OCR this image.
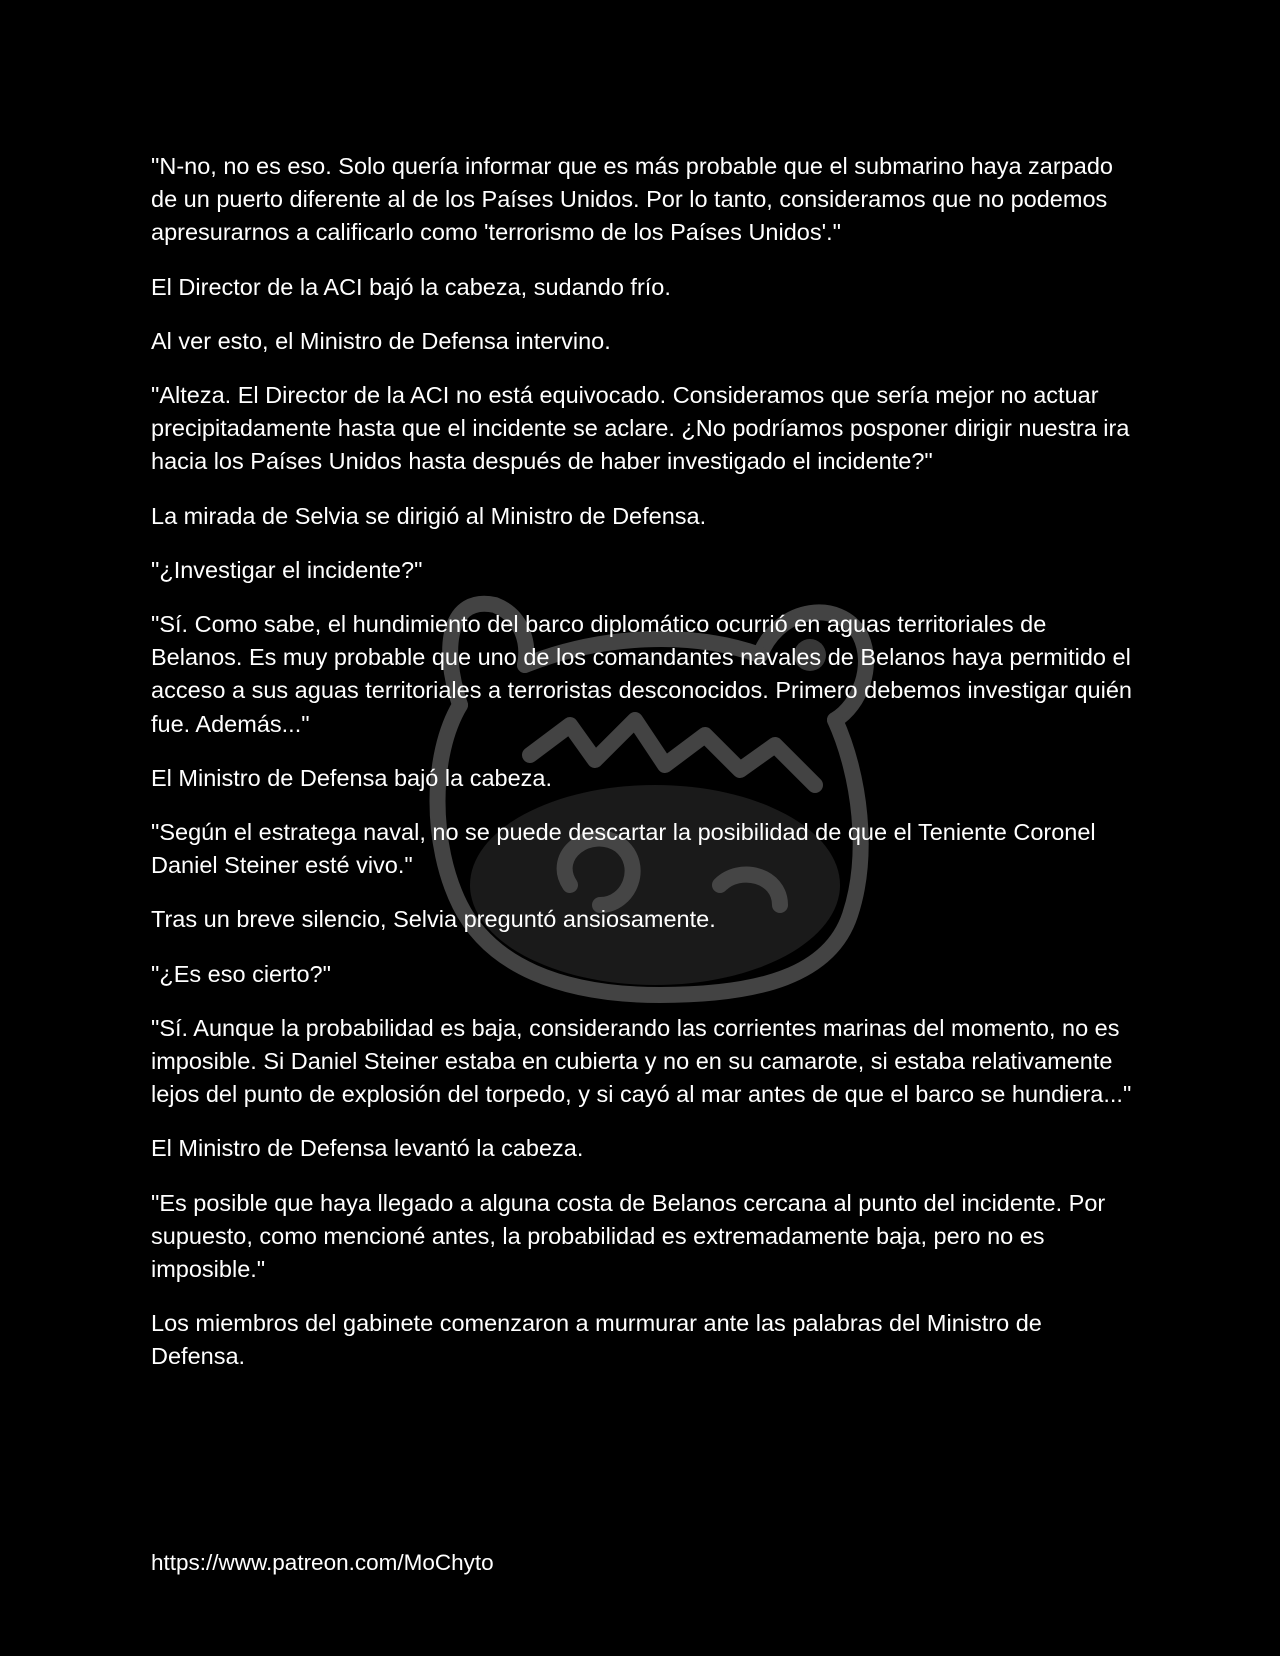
"N-no, no es eso. Solo quería informar que es más probable que el submarino haya zarpado de un puerto diferente al de los Países Unidos. Por lo tanto, consideramos que no podemos apresurarnos a calificarlo como 'terrorismo de los Países Unidos'."

El Director de la ACI bajó la cabeza, sudando frío.

Al ver esto, el Ministro de Defensa intervino.

"Alteza. El Director de la ACI no está equivocado. Consideramos que sería mejor no actuar precipitadamente hasta que el incidente se aclare. ¿No podríamos posponer dirigir nuestra ira hacia los Países Unidos hasta después de haber investigado el incidente?"

La mirada de Selvia se dirigió al Ministro de Defensa.

"¿Investigar el incidente?"

"Sí. Como sabe, el hundimiento del barco diplomático ocurrió en aguas territoriales de Belanos. Es muy probable que uno de los comandantes navales de Belanos haya permitido el acceso a sus aguas territoriales a terroristas desconocidos. Primero debemos investigar quién fue. Además..."

El Ministro de Defensa bajó la cabeza.

"Según el estratega naval, no se puede descartar la posibilidad de que el Teniente Coronel Daniel Steiner esté vivo."

Tras un breve silencio, Selvia preguntó ansiosamente.

"¿Es eso cierto?"

"Sí. Aunque la probabilidad es baja, considerando las corrientes marinas del momento, no es imposible. Si Daniel Steiner estaba en cubierta y no en su camarote, si estaba relativamente lejos del punto de explosión del torpedo, y si cayó al mar antes de que el barco se hundiera..."

El Ministro de Defensa levantó la cabeza.

"Es posible que haya llegado a alguna costa de Belanos cercana al punto del incidente. Por supuesto, como mencioné antes, la probabilidad es extremadamente baja, pero no es imposible."

Los miembros del gabinete comenzaron a murmurar ante las palabras del Ministro de Defensa.

https://www.patreon.com/MoChyto
